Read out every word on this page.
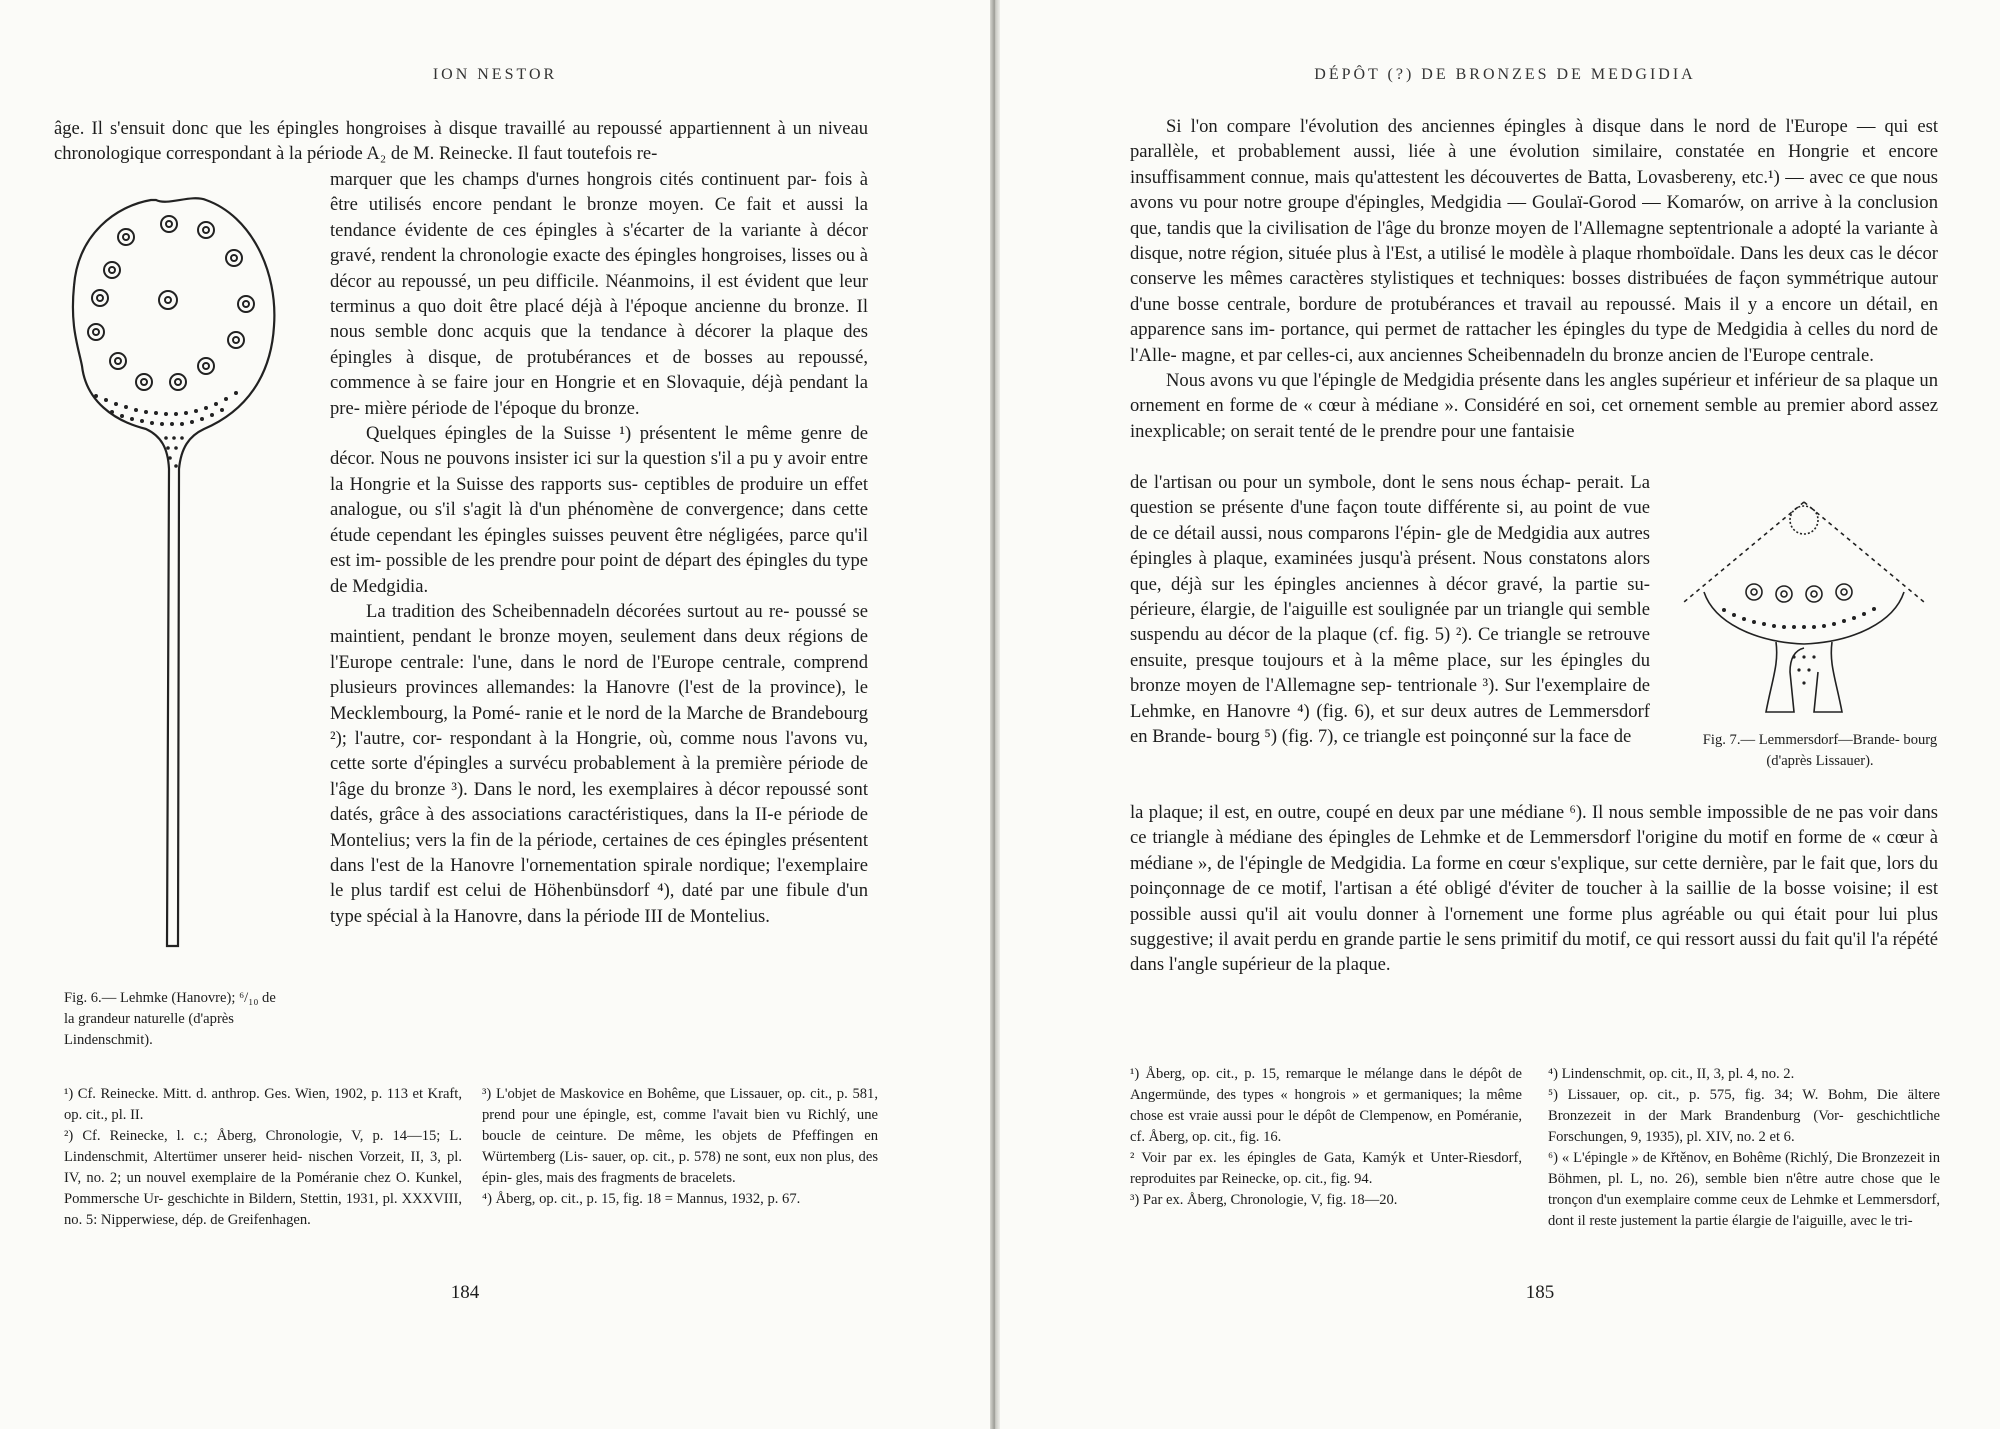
ION NESTOR

âge. Il s'ensuit donc que les épingles hongroises à disque travaillé au repoussé appartiennent à un niveau chronologique correspondant à la période A₂ de M. Reinecke. Il faut toutefois re-

marquer que les champs d'urnes hongrois cités continuent par- fois à être utilisés encore pendant le bronze moyen. Ce fait et aussi la tendance évidente de ces épingles à s'écarter de la variante à décor gravé, rendent la chronologie exacte des épingles hongroises, lisses ou à décor au repoussé, un peu difficile. Néanmoins, il est évident que leur terminus a quo doit être placé déjà à l'époque ancienne du bronze. Il nous semble donc acquis que la tendance à décorer la plaque des épingles à disque, de protubérances et de bosses au repoussé, commence à se faire jour en Hongrie et en Slovaquie, déjà pendant la pre- mière période de l'époque du bronze.

Quelques épingles de la Suisse ¹) présentent le même genre de décor. Nous ne pouvons insister ici sur la question s'il a pu y avoir entre la Hongrie et la Suisse des rapports sus- ceptibles de produire un effet analogue, ou s'il s'agit là d'un phénomène de convergence; dans cette étude cependant les épingles suisses peuvent être négligées, parce qu'il est im- possible de les prendre pour point de départ des épingles du type de Medgidia.

La tradition des Scheibennadeln décorées surtout au re- poussé se maintient, pendant le bronze moyen, seulement dans deux régions de l'Europe centrale: l'une, dans le nord de l'Europe centrale, comprend plusieurs provinces allemandes: la Hanovre (l'est de la province), le Mecklembourg, la Pomé- ranie et le nord de la Marche de Brandebourg ²); l'autre, cor- respondant à la Hongrie, où, comme nous l'avons vu, cette sorte d'épingles a survécu probablement à la première période de l'âge du bronze ³). Dans le nord, les exemplaires à décor repoussé sont datés, grâce à des associations caractéristiques, dans la II-e période de Montelius; vers la fin de la période, certaines de ces épingles présentent dans l'est de la Hanovre l'ornementation spirale nordique; l'exemplaire le plus tardif est celui de Höhenbünsdorf ⁴), daté par une fibule d'un type spécial à la Hanovre, dans la période III de Montelius.

Fig. 6.— Lehmke (Hanovre); ⁶/₁₀ de la grandeur naturelle (d'après Lindenschmit).

¹) Cf. Reinecke. Mitt. d. anthrop. Ges. Wien, 1902, p. 113 et Kraft, op. cit., pl. II.

²) Cf. Reinecke, l. c.; Åberg, Chronologie, V, p. 14—15; L. Lindenschmit, Altertümer unserer heid- nischen Vorzeit, II, 3, pl. IV, no. 2; un nouvel exemplaire de la Poméranie chez O. Kunkel, Pommersche Ur- geschichte in Bildern, Stettin, 1931, pl. XXXVIII, no. 5: Nipperwiese, dép. de Greifenhagen.

³) L'objet de Maskovice en Bohême, que Lissauer, op. cit., p. 581, prend pour une épingle, est, comme l'avait bien vu Richlý, une boucle de ceinture. De même, les objets de Pfeffingen en Würtemberg (Lis- sauer, op. cit., p. 578) ne sont, eux non plus, des épin- gles, mais des fragments de bracelets.

⁴) Åberg, op. cit., p. 15, fig. 18 = Mannus, 1932, p. 67.

184
DÉPÔT (?) DE BRONZES DE MEDGIDIA

Si l'on compare l'évolution des anciennes épingles à disque dans le nord de l'Europe — qui est parallèle, et probablement aussi, liée à une évolution similaire, constatée en Hongrie et encore insuffisamment connue, mais qu'attestent les découvertes de Batta, Lovasbereny, etc.¹) — avec ce que nous avons vu pour notre groupe d'épingles, Medgidia — Goulaï-Gorod — Komarów, on arrive à la conclusion que, tandis que la civilisation de l'âge du bronze moyen de l'Allemagne septentrionale a adopté la variante à disque, notre région, située plus à l'Est, a utilisé le modèle à plaque rhomboïdale. Dans les deux cas le décor conserve les mêmes caractères stylistiques et techniques: bosses distribuées de façon symmétrique autour d'une bosse centrale, bordure de protubérances et travail au repoussé. Mais il y a encore un détail, en apparence sans im- portance, qui permet de rattacher les épingles du type de Medgidia à celles du nord de l'Alle- magne, et par celles-ci, aux anciennes Scheibennadeln du bronze ancien de l'Europe centrale.

Nous avons vu que l'épingle de Medgidia présente dans les angles supérieur et inférieur de sa plaque un ornement en forme de « cœur à médiane ». Considéré en soi, cet ornement semble au premier abord assez inexplicable; on serait tenté de le prendre pour une fantaisie

de l'artisan ou pour un symbole, dont le sens nous échap- perait. La question se présente d'une façon toute différente si, au point de vue de ce détail aussi, nous comparons l'épin- gle de Medgidia aux autres épingles à plaque, examinées jusqu'à présent. Nous constatons alors que, déjà sur les épingles anciennes à décor gravé, la partie su- périeure, élargie, de l'aiguille est soulignée par un triangle qui semble suspendu au décor de la plaque (cf. fig. 5) ²). Ce triangle se retrouve ensuite, presque toujours et à la même place, sur les épingles du bronze moyen de l'Allemagne sep- tentrionale ³). Sur l'exemplaire de Lehmke, en Hanovre ⁴) (fig. 6), et sur deux autres de Lemmersdorf en Brande- bourg ⁵) (fig. 7), ce triangle est poinçonné sur la face de	Fig. 7.— Lemmersdorf—Brande- bourg (d'après Lissauer).

la plaque; il est, en outre, coupé en deux par une médiane ⁶). Il nous semble impossible de ne pas voir dans ce triangle à médiane des épingles de Lehmke et de Lemmersdorf l'origine du motif en forme de « cœur à médiane », de l'épingle de Medgidia. La forme en cœur s'explique, sur cette dernière, par le fait que, lors du poinçonnage de ce motif, l'artisan a été obligé d'éviter de toucher à la saillie de la bosse voisine; il est possible aussi qu'il ait voulu donner à l'ornement une forme plus agréable ou qui était pour lui plus suggestive; il avait perdu en grande partie le sens primitif du motif, ce qui ressort aussi du fait qu'il l'a répété dans l'angle supérieur de la plaque.

¹) Åberg, op. cit., p. 15, remarque le mélange dans le dépôt de Angermünde, des types « hongrois » et germaniques; la même chose est vraie aussi pour le dépôt de Clempenow, en Poméranie, cf. Åberg, op. cit., fig. 16.

² Voir par ex. les épingles de Gata, Kamýk et Unter-Riesdorf, reproduites par Reinecke, op. cit., fig. 94.

³) Par ex. Åberg, Chronologie, V, fig. 18—20.

⁴) Lindenschmit, op. cit., II, 3, pl. 4, no. 2.

⁵) Lissauer, op. cit., p. 575, fig. 34; W. Bohm, Die ältere Bronzezeit in der Mark Brandenburg (Vor- geschichtliche Forschungen, 9, 1935), pl. XIV, no. 2 et 6.

⁶) « L'épingle » de Křtěnov, en Bohême (Richlý, Die Bronzezeit in Böhmen, pl. L, no. 26), semble bien n'être autre chose que le tronçon d'un exemplaire comme ceux de Lehmke et Lemmersdorf, dont il reste justement la partie élargie de l'aiguille, avec le tri-

185
